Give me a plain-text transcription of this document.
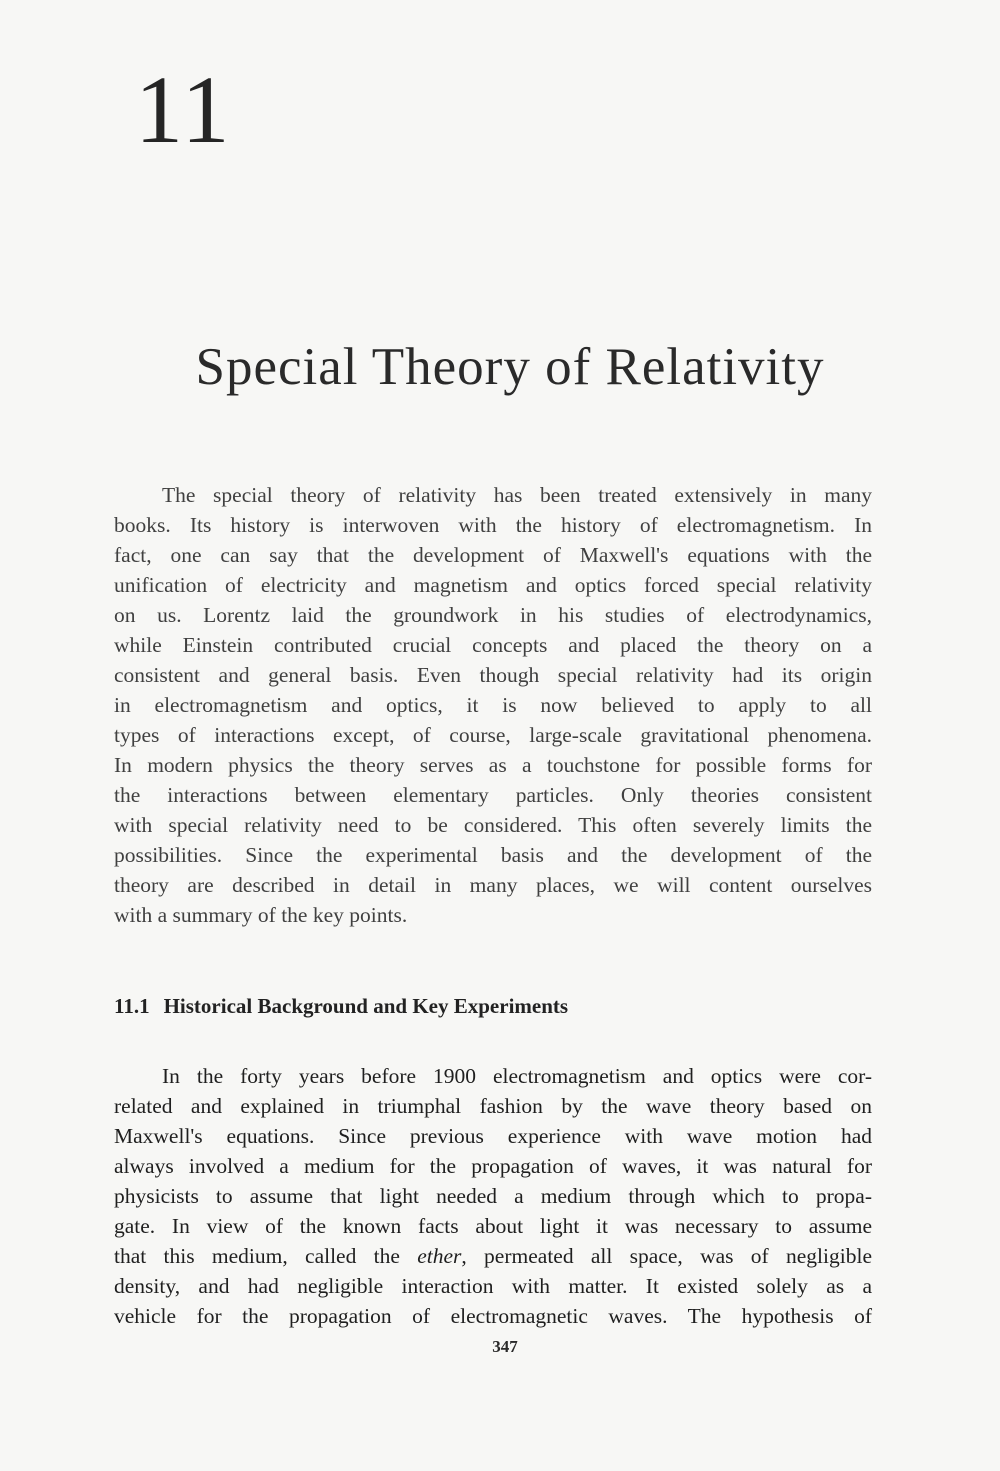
11
Special Theory of Relativity
The special theory of relativity has been treated extensively in many
books. Its history is interwoven with the history of electromagnetism. In
fact, one can say that the development of Maxwell's equations with the
unification of electricity and magnetism and optics forced special relativity
on us. Lorentz laid the groundwork in his studies of electrodynamics,
while Einstein contributed crucial concepts and placed the theory on a
consistent and general basis. Even though special relativity had its origin
in electromagnetism and optics, it is now believed to apply to all
types of interactions except, of course, large-scale gravitational phenomena.
In modern physics the theory serves as a touchstone for possible forms for
the interactions between elementary particles. Only theories consistent
with special relativity need to be considered. This often severely limits the
possibilities. Since the experimental basis and the development of the
theory are described in detail in many places, we will content ourselves
with a summary of the key points.
11.1 Historical Background and Key Experiments
In the forty years before 1900 electromagnetism and optics were cor-
related and explained in triumphal fashion by the wave theory based on
Maxwell's equations. Since previous experience with wave motion had
always involved a medium for the propagation of waves, it was natural for
physicists to assume that light needed a medium through which to propa-
gate. In view of the known facts about light it was necessary to assume
that this medium, called the ether, permeated all space, was of negligible
density, and had negligible interaction with matter. It existed solely as a
vehicle for the propagation of electromagnetic waves. The hypothesis of
347
